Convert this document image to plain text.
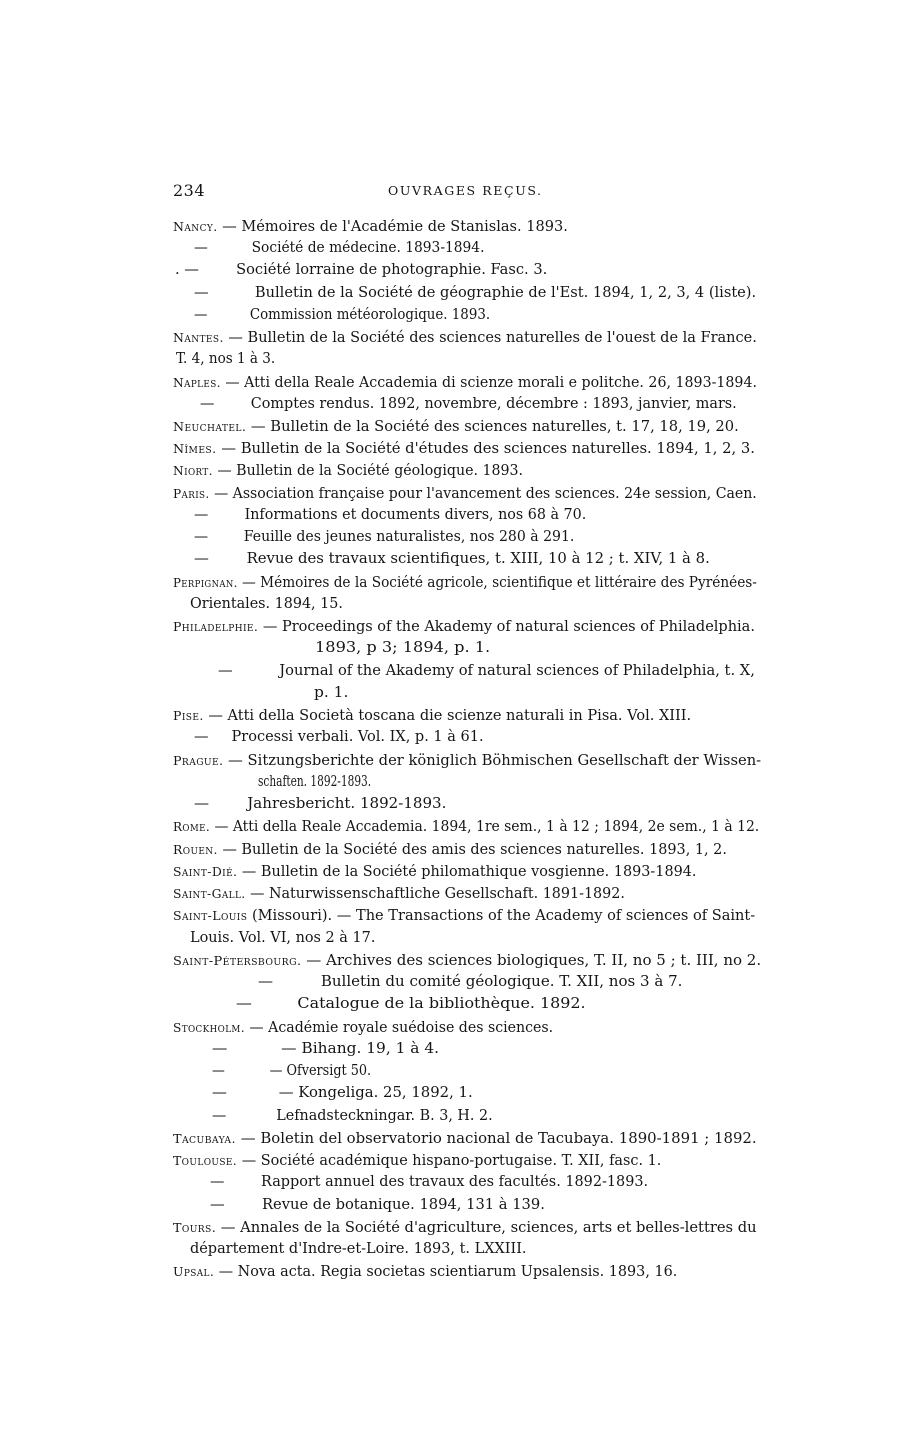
234	OUVRAGES REÇUS.
Nancy. — Mémoires de l'Académie de Stanislas. 1893.
—          Société de médecine. 1893-1894.
. —        Société lorraine de photographie. Fasc. 3.
—          Bulletin de la Société de géographie de l'Est. 1894, 1, 2, 3, 4 (liste).
—          Commission météorologique. 1893.
Nantes. — Bulletin de la Société des sciences naturelles de l'ouest de la France.
T. 4, nos 1 à 3.
Naples. — Atti della Reale Accademia di scienze morali e politche. 26, 1893-1894.
—        Comptes rendus. 1892, novembre, décembre : 1893, janvier, mars.
Neuchatel. — Bulletin de la Société des sciences naturelles, t. 17, 18, 19, 20.
Nîmes. — Bulletin de la Société d'études des sciences naturelles. 1894, 1, 2, 3.
Niort. — Bulletin de la Société géologique. 1893.
Paris. — Association française pour l'avancement des sciences. 24e session, Caen.
—        Informations et documents divers, nos 68 à 70.
—        Feuille des jeunes naturalistes, nos 280 à 291.
—        Revue des travaux scientifiques, t. XIII, 10 à 12 ; t. XIV, 1 à 8.
Perpignan. — Mémoires de la Société agricole, scientifique et littéraire des Pyrénées-
Orientales. 1894, 15.
Philadelphie. — Proceedings of the Akademy of natural sciences of Philadelphia.
1893, p 3; 1894, p. 1.
—          Journal of the Akademy of natural sciences of Philadelphia, t. X,
p. 1.
Pise. — Atti della Società toscana die scienze naturali in Pisa. Vol. XIII.
—     Processi verbali. Vol. IX, p. 1 à 61.
Prague. — Sitzungsberichte der königlich Böhmischen Gesellschaft der Wissen-
schaften. 1892-1893.
—        Jahresbericht. 1892-1893.
Rome. — Atti della Reale Accademia. 1894, 1re sem., 1 à 12 ; 1894, 2e sem., 1 à 12.
Rouen. — Bulletin de la Société des amis des sciences naturelles. 1893, 1, 2.
Saint-Dié. — Bulletin de la Société philomathique vosgienne. 1893-1894.
Saint-Gall. — Naturwissenschaftliche Gesellschaft. 1891-1892.
Saint-Louis (Missouri). — The Transactions of the Academy of sciences of Saint-
Louis. Vol. VI, nos 2 à 17.
Saint-Pétersbourg. — Archives des sciences biologiques, T. II, no 5 ; t. III, no 2.
—          Bulletin du comité géologique. T. XII, nos 3 à 7.
—         Catalogue de la bibliothèque. 1892.
Stockholm. — Académie royale suédoise des sciences.
—           — Bihang. 19, 1 à 4.
—           — Ofversigt 50.
—           — Kongeliga. 25, 1892, 1.
—           Lefnadsteckningar. B. 3, H. 2.
Tacubaya. — Boletin del observatorio nacional de Tacubaya. 1890-1891 ; 1892.
Toulouse. — Société académique hispano-portugaise. T. XII, fasc. 1.
—        Rapport annuel des travaux des facultés. 1892-1893.
—        Revue de botanique. 1894, 131 à 139.
Tours. — Annales de la Société d'agriculture, sciences, arts et belles-lettres du
département d'Indre-et-Loire. 1893, t. LXXIII.
Upsal. — Nova acta. Regia societas scientiarum Upsalensis. 1893, 16.
